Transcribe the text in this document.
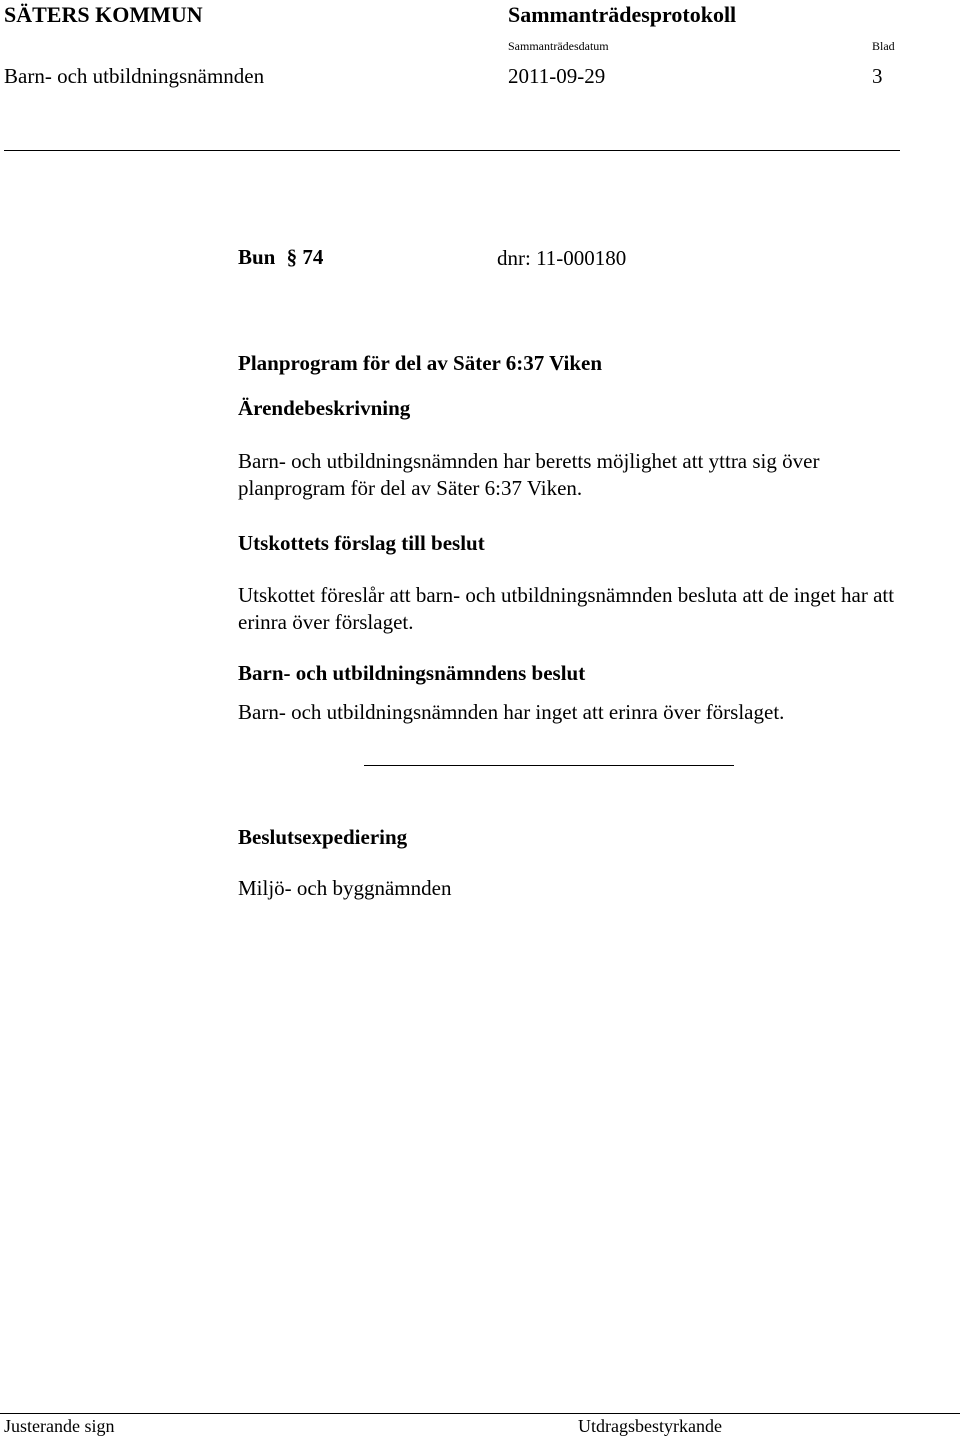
SÄTERS KOMMUN	Sammanträdesprotokoll
Sammanträdesdatum	Blad
Barn- och utbildningsnämnden	2011-09-29	3
Bun § 74	dnr: 11-000180
Planprogram för del av Säter 6:37 Viken
Ärendebeskrivning
Barn- och utbildningsnämnden har beretts möjlighet att yttra sig över planprogram för del av Säter 6:37 Viken.
Utskottets förslag till beslut
Utskottet föreslår att barn- och utbildningsnämnden besluta att de inget har att erinra över förslaget.
Barn- och utbildningsnämndens beslut
Barn- och utbildningsnämnden har inget att erinra över förslaget.
Beslutsexpediering
Miljö- och byggnämnden
Justerande sign	Utdragsbestyrkande
